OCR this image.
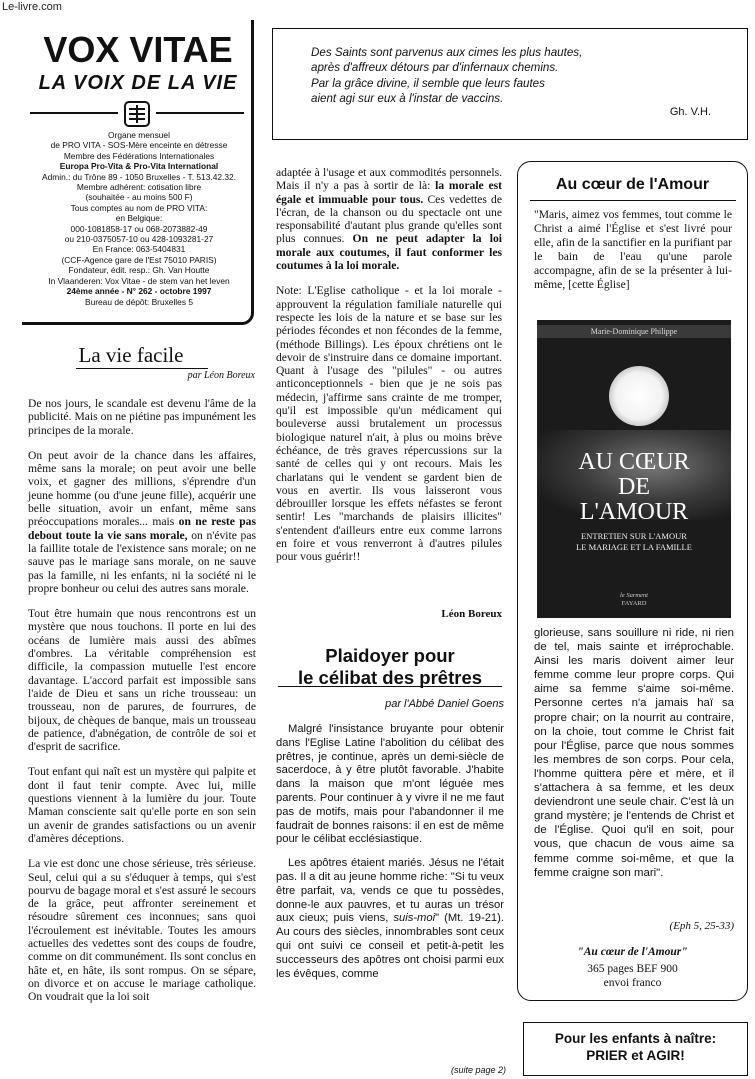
Le-livre.com
VOX VITAE
LA VOIX DE LA VIE
Organe mensuel
de PRO VITA - SOS-Mère enceinte en détresse
Membre des Fédérations Internationales
Europa Pro-Vita & Pro-Vita International
Admin.: du Trône 89 - 1050 Bruxelles - T. 513.42.32.
Membre adhérent: cotisation libre
(souhaitée - au moins 500 F)
Tous comptes au nom de PRO VITA:
en Belgique:
000-1081858-17 ou 068-2073882-49
ou 210-0375057-10 ou 428-1093281-27
En France: 063-5404831
(CCF-Agence gare de l'Est 75010 PARIS)
Fondateur, édit. resp.: Gh. Van Houtte
In Vlaanderen: Vox Vitae - de stem van het leven
24ème année - N° 262 - octobre 1997
Bureau de dépôt: Bruxelles 5
Des Saints sont parvenus aux cimes les plus hautes,
après d'affreux détours par d'infernaux chemins.
Par la grâce divine, il semble que leurs fautes
aient agi sur eux à l'instar de vaccins.
Gh. V.H.
La vie facile
par Léon Boreux

De nos jours, le scandale est devenu l'âme de la publicité. Mais on ne piétine pas impunément les principes de la morale.

On peut avoir de la chance dans les affaires, même sans la morale; on peut avoir une belle voix, et gagner des millions, s'éprendre d'un jeune homme (ou d'une jeune fille), acquérir une belle situation, avoir un enfant, même sans préoccupations morales... mais on ne reste pas debout toute la vie sans morale, on n'évite pas la faillite totale de l'existence sans morale; on ne sauve pas le mariage sans morale, on ne sauve pas la famille, ni les enfants, ni la société ni le propre bonheur ou celui des autres sans morale.

Tout être humain que nous rencontrons est un mystère que nous touchons. Il porte en lui des océans de lumière mais aussi des abîmes d'ombres. La véritable compréhension est difficile, la compassion mutuelle l'est encore davantage. L'accord parfait est impossible sans l'aide de Dieu et sans un riche trousseau: un trousseau, non de parures, de fourrures, de bijoux, de chèques de banque, mais un trousseau de patience, d'abnégation, de contrôle de soi et d'esprit de sacrifice.

Tout enfant qui naît est un mystère qui palpite et dont il faut tenir compte. Avec lui, mille questions viennent à la lumière du jour. Toute Maman consciente sait qu'elle porte en son sein un avenir de grandes satisfactions ou un avenir d'amères déceptions.

La vie est donc une chose sérieuse, très sérieuse. Seul, celui qui a su s'éduquer à temps, qui s'est pourvu de bagage moral et s'est assuré le secours de la grâce, peut affronter sereinement et résoudre sûrement ces inconnues; sans quoi l'écroulement est inévitable. Toutes les amours actuelles des vedettes sont des coups de foudre, comme on dit communément. Ils sont conclus en hâte et, en hâte, ils sont rompus. On se sépare, on divorce et on accuse le mariage catholique. On voudrait que la loi soit

adaptée à l'usage et aux commodités personnels. Mais il n'y a pas à sortir de là: la morale est égale et immuable pour tous. Ces vedettes de l'écran, de la chanson ou du spectacle ont une responsabilité d'autant plus grande qu'elles sont plus connues. On ne peut adapter la loi morale aux coutumes, il faut conformer les coutumes à la loi morale.

Note: L'Eglise catholique - et la loi morale - approuvent la régulation familiale naturelle qui respecte les lois de la nature et se base sur les périodes fécondes et non fécondes de la femme, (méthode Billings). Les époux chrétiens ont le devoir de s'instruire dans ce domaine important. Quant à l'usage des "pilules" - ou autres anticonceptionnels - bien que je ne sois pas médecin, j'affirme sans crainte de me tromper, qu'il est impossible qu'un médicament qui bouleverse aussi brutalement un processus biologique naturel n'ait, à plus ou moins brève échéance, de très graves répercussions sur la santé de celles qui y ont recours. Mais les charlatans qui le vendent se gardent bien de vous en avertir. Ils vous laisseront vous débrouiller lorsque les effets néfastes se feront sentir! Les "marchands de plaisirs illicites" s'entendent d'ailleurs entre eux comme larrons en foire et vous renverront à d'autres pilules pour vous guérir!!

Léon Boreux
Plaidoyer pour
le célibat des prêtres
par l'Abbé Daniel Goens

Malgré l'insistance bruyante pour obtenir dans l'Eglise Latine l'abolition du célibat des prêtres, je continue, après un demi-siècle de sacerdoce, à y être plutôt favorable. J'habite dans la maison que m'ont léguée mes parents. Pour continuer à y vivre il ne me faut pas de motifs, mais pour l'abandonner il me faudrait de bonnes raisons: il en est de même pour le célibat ecclésiastique.

Les apôtres étaient mariés. Jésus ne l'était pas. Il a dit au jeune homme riche: "Si tu veux être parfait, va, vends ce que tu possèdes, donne-le aux pauvres, et tu auras un trésor aux cieux; puis viens, suis-moi" (Mt. 19-21). Au cours des siècles, innombrables sont ceux qui ont suivi ce conseil et petit-à-petit les successeurs des apôtres ont choisi parmi eux les évêques, comme

(suite page 2)
Au cœur de l'Amour
"Maris, aimez vos femmes, tout comme le Christ a aimé l'Église et s'est livré pour elle, afin de la sanctifier en la purifiant par le bain de l'eau qu'une parole accompagne, afin de se la présenter à lui-même, [cette Église]
Marie-Dominique Philippe
AU CŒUR
DE
L'AMOUR
ENTRETIEN SUR L'AMOUR
LE MARIAGE ET LA FAMILLE
le Sarment
FAYARD
glorieuse, sans souillure ni ride, ni rien de tel, mais sainte et irréprochable. Ainsi les maris doivent aimer leur femme comme leur propre corps. Qui aime sa femme s'aime soi-même. Personne certes n'a jamais haï sa propre chair; on la nourrit au contraire, on la choie, tout comme le Christ fait pour l'Église, parce que nous sommes les membres de son corps. Pour cela, l'homme quittera père et mère, et il s'attachera à sa femme, et les deux deviendront une seule chair. C'est là un grand mystère; je l'entends de Christ et de l'Église. Quoi qu'il en soit, pour vous, que chacun de vous aime sa femme comme soi-même, et que la femme craigne son mari".
(Eph 5, 25-33)
"Au cœur de l'Amour"
365 pages BEF 900
envoi franco
Pour les enfants à naître:
PRIER et AGIR!
